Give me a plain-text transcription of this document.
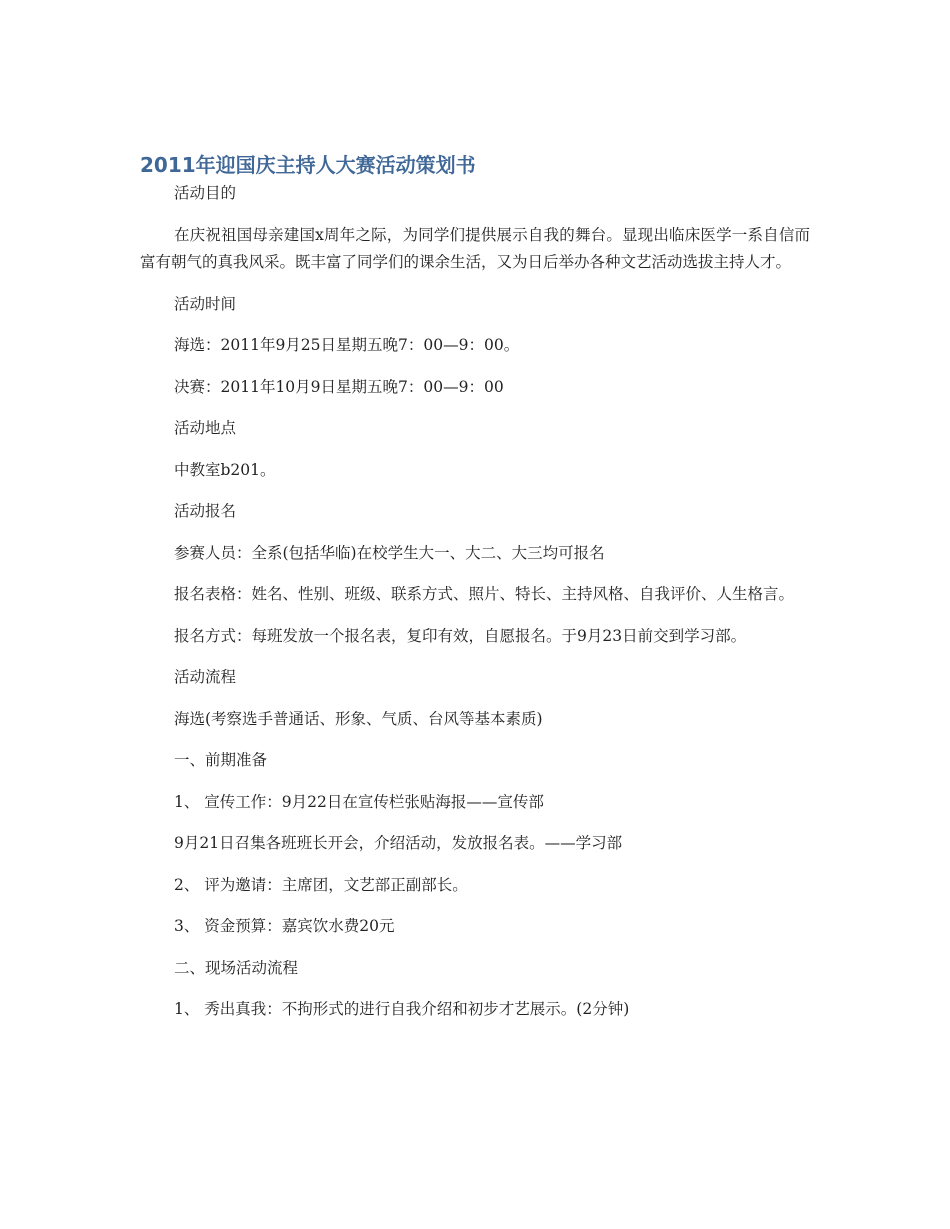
2011年迎国庆主持人大赛活动策划书
活动目的
在庆祝祖国母亲建国x周年之际，为同学们提供展示自我的舞台。显现出临床医学一系自信而富有朝气的真我风采。既丰富了同学们的课余生活，又为日后举办各种文艺活动选拔主持人才。
活动时间
海选：2011年9月25日星期五晚7：00—9：00。
决赛：2011年10月9日星期五晚7：00—9：00
活动地点
中教室b201。
活动报名
参赛人员：全系(包括华临)在校学生大一、大二、大三均可报名
报名表格：姓名、性别、班级、联系方式、照片、特长、主持风格、自我评价、人生格言。
报名方式：每班发放一个报名表，复印有效，自愿报名。于9月23日前交到学习部。
活动流程
海选(考察选手普通话、形象、气质、台风等基本素质)
一、前期准备
1、 宣传工作：9月22日在宣传栏张贴海报——宣传部
9月21日召集各班班长开会，介绍活动，发放报名表。——学习部
2、 评为邀请：主席团，文艺部正副部长。
3、 资金预算：嘉宾饮水费20元
二、现场活动流程
1、 秀出真我：不拘形式的进行自我介绍和初步才艺展示。(2分钟)
